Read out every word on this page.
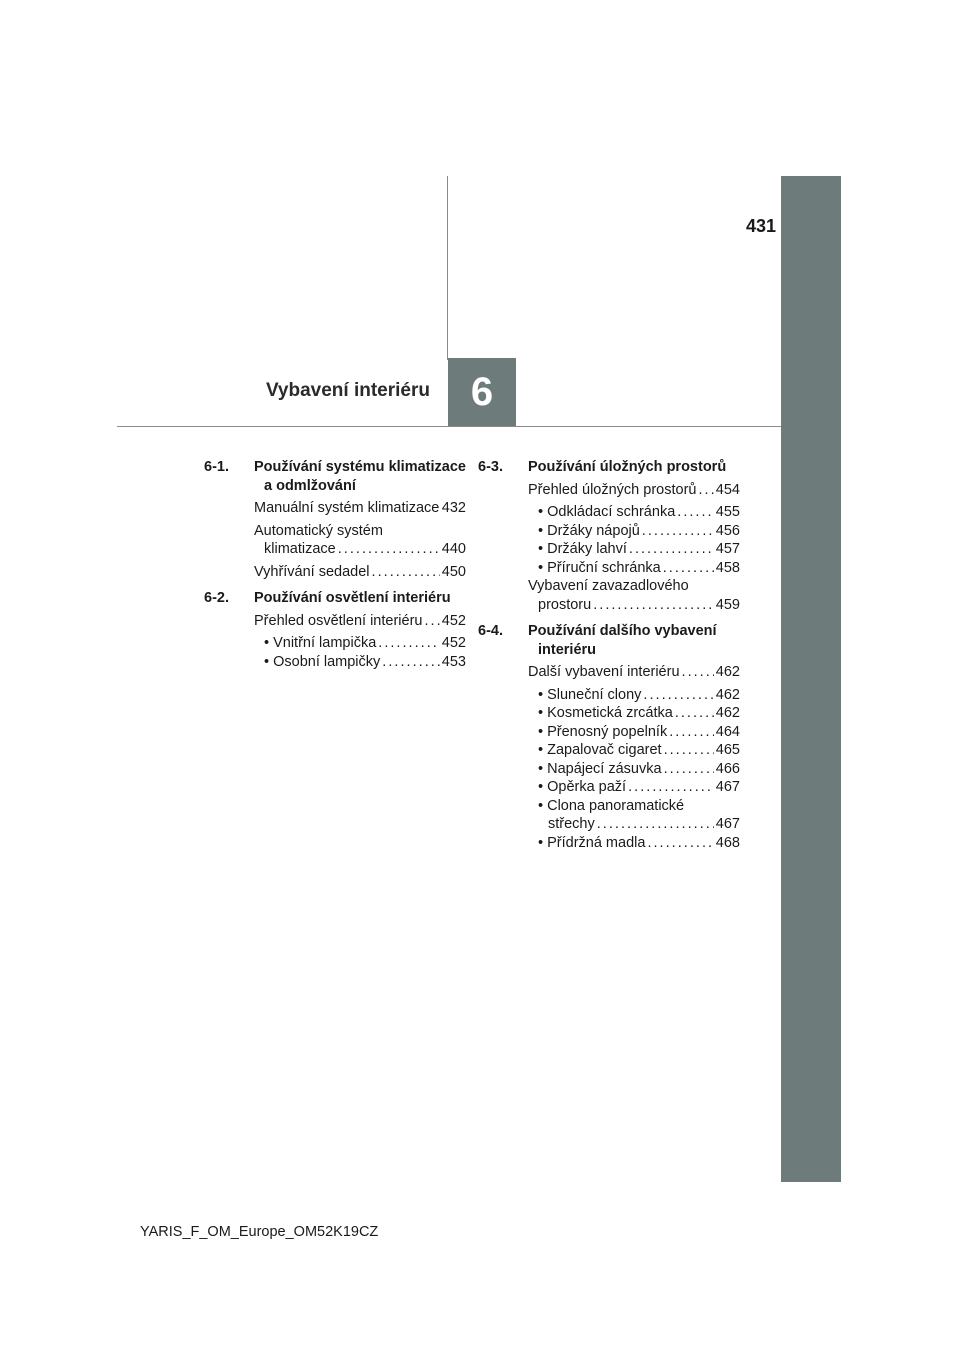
431
Vybavení interiéru	6
6-1.	Používání systému klimatizace a odmlžování
Manuální systém klimatizace . . . 432
Automatický systém klimatizace . . .	440
Vyhřívání sedadel . . .	450
6-2.	Používání osvětlení interiéru
Přehled osvětlení interiéru . . .	452
• Vnitřní lampička . . .	452
• Osobní lampičky . . .	453
6-3.	Používání úložných prostorů
Přehled úložných prostorů . . .	454
• Odkládací schránka . . .	455
• Držáky nápojů . . .	456
• Držáky lahví . . .	457
• Příruční schránka . . .	458
Vybavení zavazadlového prostoru . . .	459
6-4.	Používání dalšího vybavení interiéru
Další vybavení interiéru . . .	462
• Sluneční clony . . .	462
• Kosmetická zrcátka . . .	462
• Přenosný popelník . . .	464
• Zapalovač cigaret . . .	465
• Napájecí zásuvka . . .	466
• Opěrka paží . . .	467
• Clona panoramatické střechy . . .	467
• Přídržná madla . . .	468
YARIS_F_OM_Europe_OM52K19CZ
